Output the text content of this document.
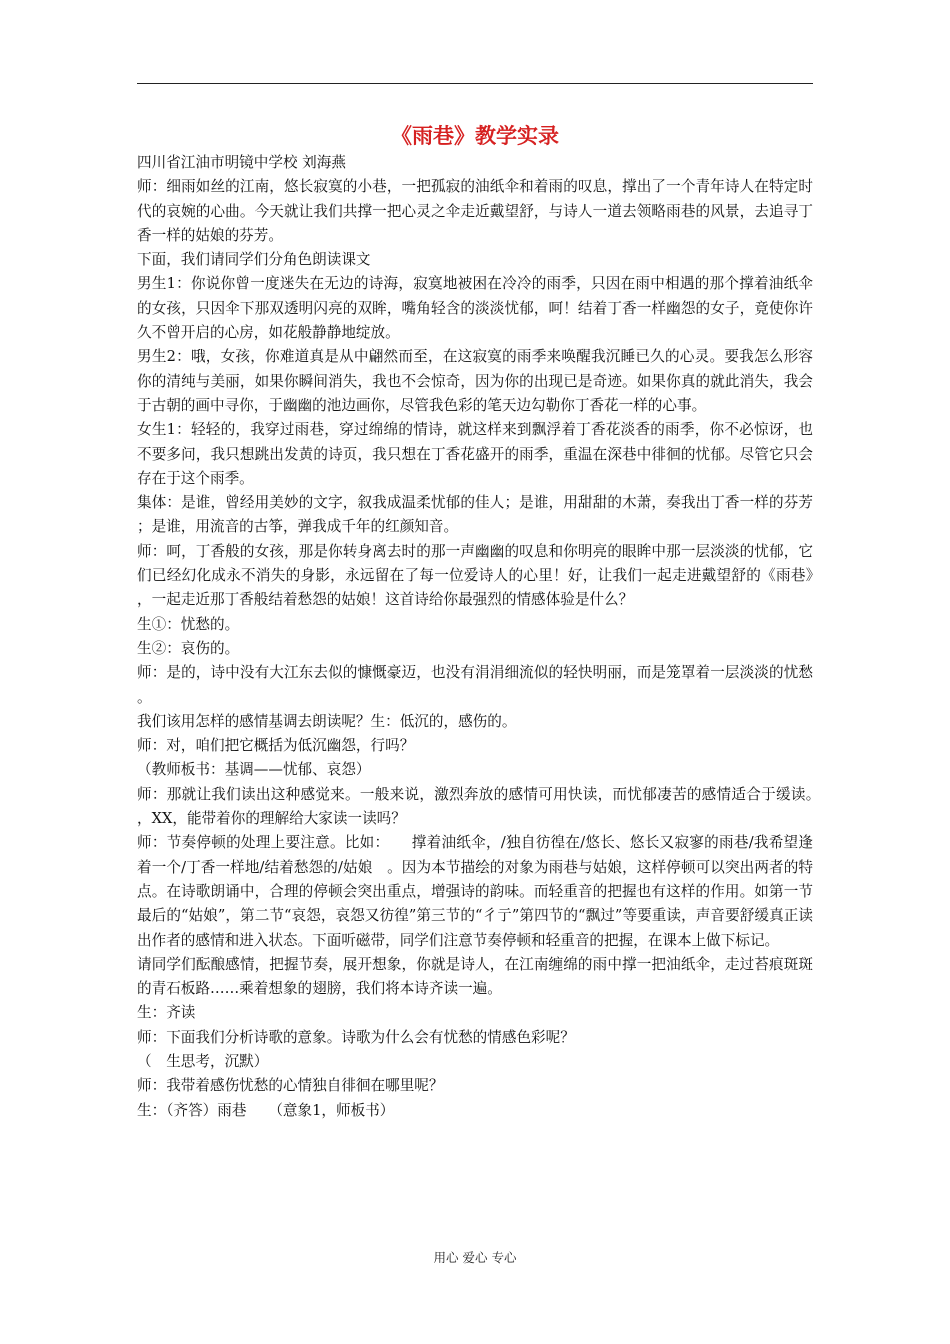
《雨巷》教学实录

四川省江油市明镜中学校 刘海燕

师：细雨如丝的江南，悠长寂寞的小巷，一把孤寂的油纸伞和着雨的叹息，撑出了一个青年诗人在特定时代的哀婉的心曲。今天就让我们共撑一把心灵之伞走近戴望舒，与诗人一道去领略雨巷的风景，去追寻丁香一样的姑娘的芬芳。

下面，我们请同学们分角色朗读课文

男生1：你说你曾一度迷失在无边的诗海，寂寞地被困在冷冷的雨季，只因在雨中相遇的那个撑着油纸伞的女孩，只因伞下那双透明闪亮的双眸，嘴角轻含的淡淡忧郁，呵！结着丁香一样幽怨的女子，竟使你许久不曾开启的心房，如花般静静地绽放。

男生2：哦，女孩，你难道真是从中翩然而至，在这寂寞的雨季来唤醒我沉睡已久的心灵。要我怎么形容你的清纯与美丽，如果你瞬间消失，我也不会惊奇，因为你的出现已是奇迹。如果你真的就此消失，我会于古朝的画中寻你，于幽幽的池边画你，尽管我色彩的笔天边勾勒你丁香花一样的心事。

女生1：轻轻的，我穿过雨巷，穿过绵绵的情诗，就这样来到飘浮着丁香花淡香的雨季，你不必惊讶，也不要多问，我只想跳出发黄的诗页，我只想在丁香花盛开的雨季，重温在深巷中徘徊的忧郁。尽管它只会存在于这个雨季。

集体：是谁，曾经用美妙的文字，叙我成温柔忧郁的佳人；是谁，用甜甜的木萧，奏我出丁香一样的芬芳；是谁，用流音的古筝，弹我成千年的红颜知音。

师：呵，丁香般的女孩，那是你转身离去时的那一声幽幽的叹息和你明亮的眼眸中那一层淡淡的忧郁，它们已经幻化成永不消失的身影，永远留在了每一位爱诗人的心里！好，让我们一起走进戴望舒的《雨巷》，一起走近那丁香般结着愁怨的姑娘！这首诗给你最强烈的情感体验是什么？

生①：忧愁的。

生②：哀伤的。

师：是的，诗中没有大江东去似的慷慨豪迈，也没有涓涓细流似的轻快明丽，而是笼罩着一层淡淡的忧愁。

我们该用怎样的感情基调去朗读呢？生：低沉的，感伤的。

师：对，咱们把它概括为低沉幽怨，行吗？

（教师板书：基调——忧郁、哀怨）

师：那就让我们读出这种感觉来。一般来说，激烈奔放的感情可用快读，而忧郁凄苦的感情适合于缓读。，XX，能带着你的理解给大家读一读吗？

师：节奏停顿的处理上要注意。比如：　　撑着油纸伞，/独自彷徨在/悠长、悠长又寂寥的雨巷/我希望逢着一个/丁香一样地/结着愁怨的/姑娘　。因为本节描绘的对象为雨巷与姑娘，这样停顿可以突出两者的特点。在诗歌朗诵中，合理的停顿会突出重点，增强诗的韵味。而轻重音的把握也有这样的作用。如第一节最后的“姑娘”，第二节“哀怨，哀怨又彷徨”第三节的“彳亍”第四节的“飘过”等要重读，声音要舒缓真正读出作者的感情和进入状态。下面听磁带，同学们注意节奏停顿和轻重音的把握，在课本上做下标记。

请同学们酝酿感情，把握节奏，展开想象，你就是诗人，在江南缠绵的雨中撑一把油纸伞，走过苔痕斑斑的青石板路……乘着想象的翅膀，我们将本诗齐读一遍。

生：齐读

师：下面我们分析诗歌的意象。诗歌为什么会有忧愁的情感色彩呢？

（　生思考，沉默）

师：我带着感伤忧愁的心情独自徘徊在哪里呢？

生：（齐答）雨巷　　（意象1，师板书）

用心 爱心 专心
